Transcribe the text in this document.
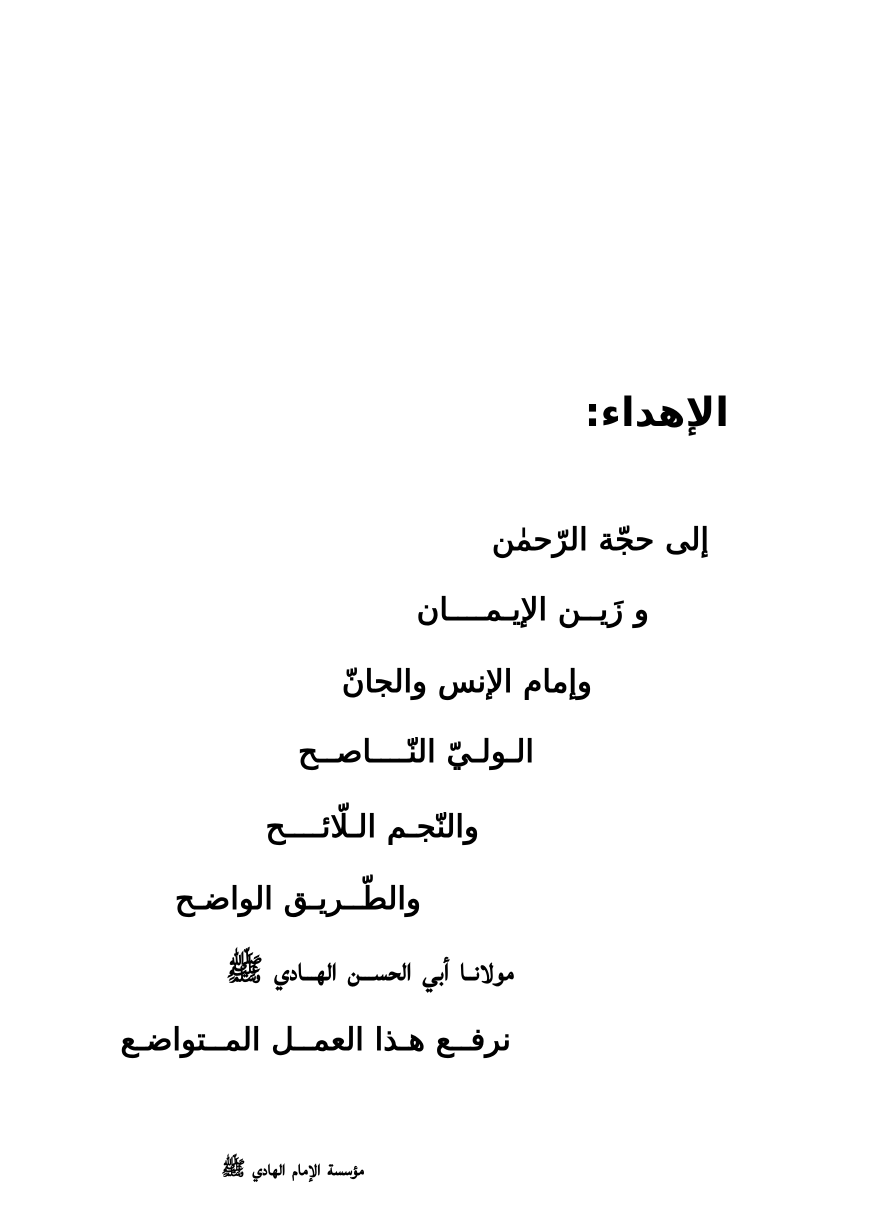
الإهداء:
إلى حجّة الرّحمٰن
و زَيــن الإيـمــــان
وإمام الإنس والجانّ
الـولـيّ النّــــاصــح
والنّجـم الـلّائــــح
والطّــريـق الواضـح
مولانــا أبي الحســـن الهـــادي ﷺ
نرفــع هـذا العمــل المــتواضـع
مؤسسة الإمام الهادي ﷺ
